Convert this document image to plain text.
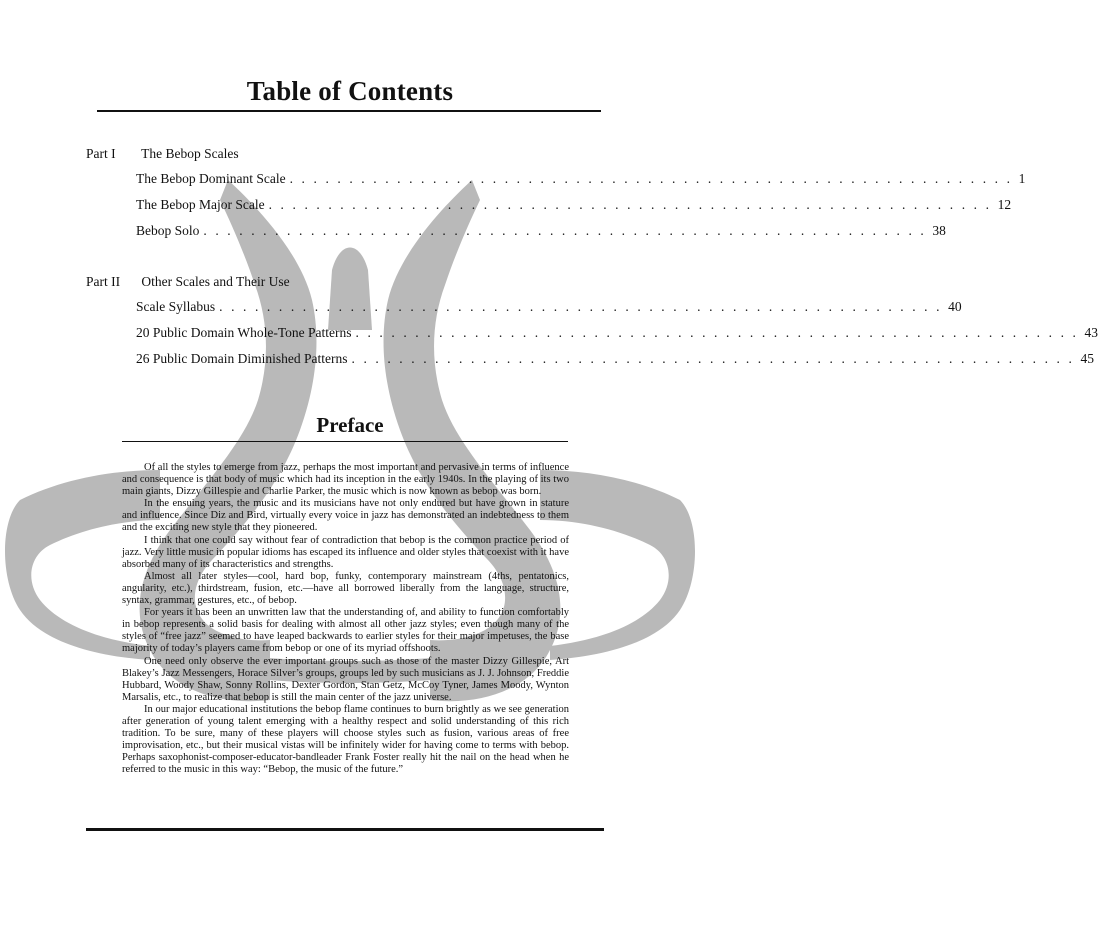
Table of Contents
Part I The Bebop Scales
The Bebop Dominant Scale . . . . . . . . . . . . . . . . . . . . . . . . . . . . . . . . . . . . . . . . . . . . . . . . . . . . . . . . . . . . . 1
The Bebop Major Scale . . . . . . . . . . . . . . . . . . . . . . . . . . . . . . . . . . . . . . . . . . . . . . . . . . . . . . . . . . . . . 12
Bebop Solo . . . . . . . . . . . . . . . . . . . . . . . . . . . . . . . . . . . . . . . . . . . . . . . . . . . . . . . . . . . . . 38
Part II Other Scales and Their Use
Scale Syllabus . . . . . . . . . . . . . . . . . . . . . . . . . . . . . . . . . . . . . . . . . . . . . . . . . . . . . . . . . . . . . 40
20 Public Domain Whole-Tone Patterns . . . . . . . . . . . . . . . . . . . . . . . . . . . . . . . . . . . . . . . . . . . . . . . . . . . . . . . . . . . . . 43
26 Public Domain Diminished Patterns . . . . . . . . . . . . . . . . . . . . . . . . . . . . . . . . . . . . . . . . . . . . . . . . . . . . . . . . . . . . . 45
Preface

Of all the styles to emerge from jazz, perhaps the most important and pervasive in terms of influence and consequence is that body of music which had its inception in the early 1940s. In the playing of its two main giants, Dizzy Gillespie and Charlie Parker, the music which is now known as bebop was born.

In the ensuing years, the music and its musicians have not only endured but have grown in stature and influence. Since Diz and Bird, virtually every voice in jazz has demonstrated an indebtedness to them and the exciting new style that they pioneered.

I think that one could say without fear of contradiction that bebop is the common practice period of jazz. Very little music in popular idioms has escaped its influence and older styles that coexist with it have absorbed many of its characteristics and strengths.

Almost all later styles—cool, hard bop, funky, contemporary mainstream (4ths, pentatonics, angularity, etc.), thirdstream, fusion, etc.—have all borrowed liberally from the language, structure, syntax, grammar, gestures, etc., of bebop.

For years it has been an unwritten law that the understanding of, and ability to function comfortably in bebop represents a solid basis for dealing with almost all other jazz styles; even though many of the styles of “free jazz” seemed to have leaped backwards to earlier styles for their major impetuses, the base majority of today’s players came from bebop or one of its myriad offshoots.

One need only observe the ever important groups such as those of the master Dizzy Gillespie, Art Blakey’s Jazz Messengers, Horace Silver’s groups, groups led by such musicians as J. J. Johnson, Freddie Hubbard, Woody Shaw, Sonny Rollins, Dexter Gordon, Stan Getz, McCoy Tyner, James Moody, Wynton Marsalis, etc., to realize that bebop is still the main center of the jazz universe.

In our major educational institutions the bebop flame continues to burn brightly as we see generation after generation of young talent emerging with a healthy respect and solid understanding of this rich tradition. To be sure, many of these players will choose styles such as fusion, various areas of free improvisation, etc., but their musical vistas will be infinitely wider for having come to terms with bebop. Perhaps saxophonist-composer-educator-bandleader Frank Foster really hit the nail on the head when he referred to the music in this way: “Bebop, the music of the future.”
